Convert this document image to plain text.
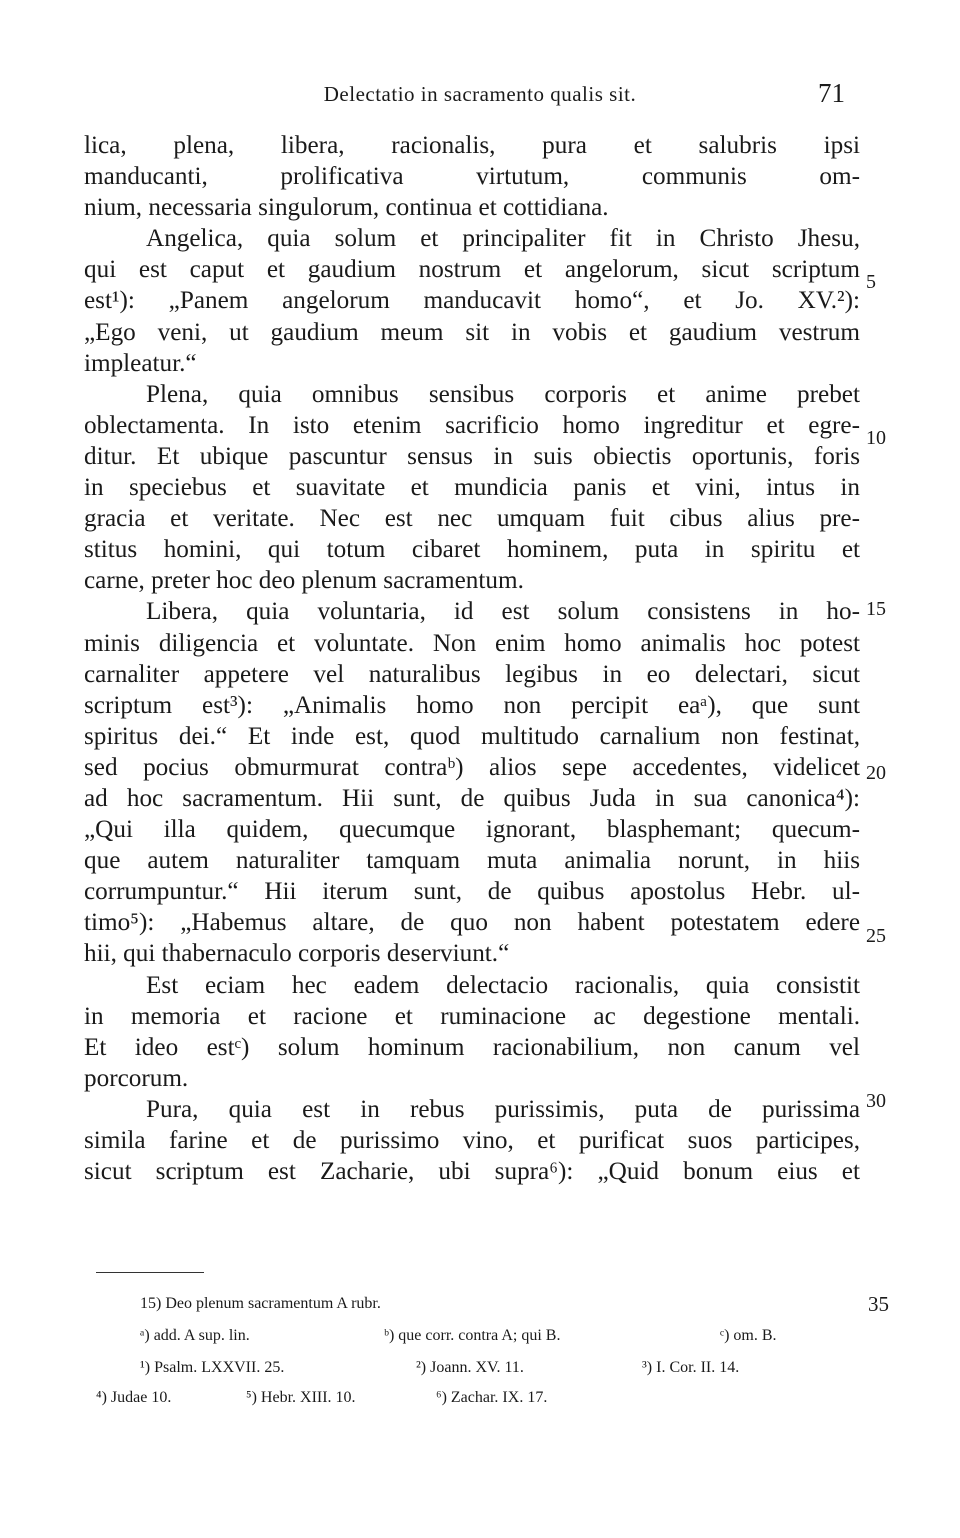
Delectatio in sacramento qualis sit.	71
lica, plena, libera, racionalis, pura et salubris ipsi
manducanti, prolificativa virtutum, communis om-
nium, necessaria singulorum, continua et cottidiana.
Angelica, quia solum et principaliter fit in Christo Jhesu,
qui est caput et gaudium nostrum et angelorum, sicut scriptum
est¹): „Panem angelorum manducavit homo“, et Jo. XV.²):
„Ego veni, ut gaudium meum sit in vobis et gaudium vestrum
impleatur.“
Plena, quia omnibus sensibus corporis et anime prebet
oblectamenta. In isto etenim sacrificio homo ingreditur et egre-
ditur. Et ubique pascuntur sensus in suis obiectis oportunis, foris
in speciebus et suavitate et mundicia panis et vini, intus in
gracia et veritate. Nec est nec umquam fuit cibus alius pre-
stitus homini, qui totum cibaret hominem, puta in spiritu et
carne, preter hoc deo plenum sacramentum.
Libera, quia voluntaria, id est solum consistens in ho-
minis diligencia et voluntate. Non enim homo animalis hoc potest
carnaliter appetere vel naturalibus legibus in eo delectari, sicut
scriptum est³): „Animalis homo non percipit eaᵃ), que sunt
spiritus dei.“ Et inde est, quod multitudo carnalium non festinat,
sed pocius obmurmurat contraᵇ) alios sepe accedentes, videlicet
ad hoc sacramentum. Hii sunt, de quibus Juda in sua canonica⁴):
„Qui illa quidem, quecumque ignorant, blasphemant; quecum-
que autem naturaliter tamquam muta animalia norunt, in hiis
corrumpuntur.“ Hii iterum sunt, de quibus apostolus Hebr. ul-
timo⁵): „Habemus altare, de quo non habent potestatem edere
hii, qui thabernaculo corporis deserviunt.“
Est eciam hec eadem delectacio racionalis, quia consistit
in memoria et racione et ruminacione ac degestione mentali.
Et ideo estᶜ) solum hominum racionabilium, non canum vel
porcorum.
Pura, quia est in rebus purissimis, puta de purissima
simila farine et de purissimo vino, et purificat suos participes,
sicut scriptum est Zacharie, ubi supra⁶): „Quid bonum eius et
5
10
15
20
25
30
15) Deo plenum sacramentum A rubr.	35
ᵃ) add. A sup. lin.	ᵇ) que corr. contra A; qui B.	ᶜ) om. B.
¹) Psalm. LXXVII. 25.	²) Joann. XV. 11.	³) I. Cor. II. 14.
⁴) Judae 10.	⁵) Hebr. XIII. 10.	⁶) Zachar. IX. 17.
